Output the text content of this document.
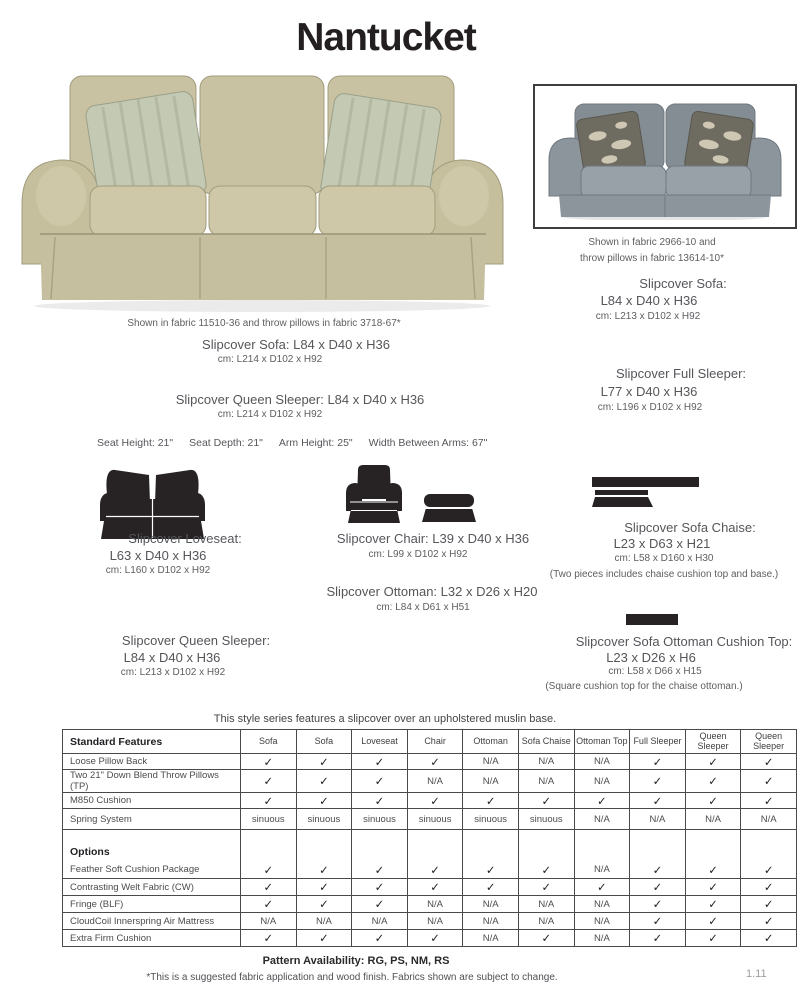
Nantucket
Shown in fabric 11510-36 and throw pillows in fabric 3718-67*
Slipcover Sofa: L84 x D40 x H36
cm: L214 x D102 x H92
Slipcover Queen Sleeper: L84 x D40 x H36
cm: L214 x D102 x H92
Shown in fabric 2966-10 and
throw pillows in fabric 13614-10*
Slipcover Sofa:
L84 x D40 x H36
cm: L213 x D102 x H92
Slipcover Full Sleeper:
L77 x D40 x H36
cm: L196 x D102 x H92
Seat Height: 21" Seat Depth: 21" Arm Height: 25" Width Between Arms: 67"
Slipcover Loveseat:
L63 x D40 x H36
cm: L160 x D102 x H92
Slipcover Chair: L39 x D40 x H36
cm: L99 x D102 x H92
Slipcover Ottoman: L32 x D26 x H20
cm: L84 x D61 x H51
Slipcover Sofa Chaise:
L23 x D63 x H21
cm: L58 x D160 x H30
(Two pieces includes chaise cushion top and base.)
Slipcover Queen Sleeper:
L84 x D40 x H36
cm: L213 x D102 x H92
Slipcover Sofa Ottoman Cushion Top:
L23 x D26 x H6
cm: L58 x D66 x H15
(Square cushion top for the chaise ottoman.)
This style series features a slipcover over an upholstered muslin base.
Standard Features	Sofa	Sofa	Loveseat	Chair	Ottoman	Sofa Chaise	Ottoman Top	Full Sleeper	Queen Sleeper	Queen Sleeper
Loose Pillow Back	✓	✓	✓	✓	N/A	N/A	N/A	✓	✓	✓
Two 21" Down Blend Throw Pillows (TP)	✓	✓	✓	N/A	N/A	N/A	N/A	✓	✓	✓
M850 Cushion	✓	✓	✓	✓	✓	✓	✓	✓	✓	✓
Spring System	sinuous	sinuous	sinuous	sinuous	sinuous	sinuous	N/A	N/A	N/A	N/A

Options										
Feather Soft Cushion Package	✓	✓	✓	✓	✓	✓	N/A	✓	✓	✓
Contrasting Welt Fabric (CW)	✓	✓	✓	✓	✓	✓	✓	✓	✓	✓
Fringe (BLF)	✓	✓	✓	N/A	N/A	N/A	N/A	✓	✓	✓
CloudCoil Innerspring Air Mattress	N/A	N/A	N/A	N/A	N/A	N/A	N/A	✓	✓	✓
Extra Firm Cushion	✓	✓	✓	✓	N/A	✓	N/A	✓	✓	✓
Pattern Availability: RG, PS, NM, RS
*This is a suggested fabric application and wood finish. Fabrics shown are subject to change.	1.11
